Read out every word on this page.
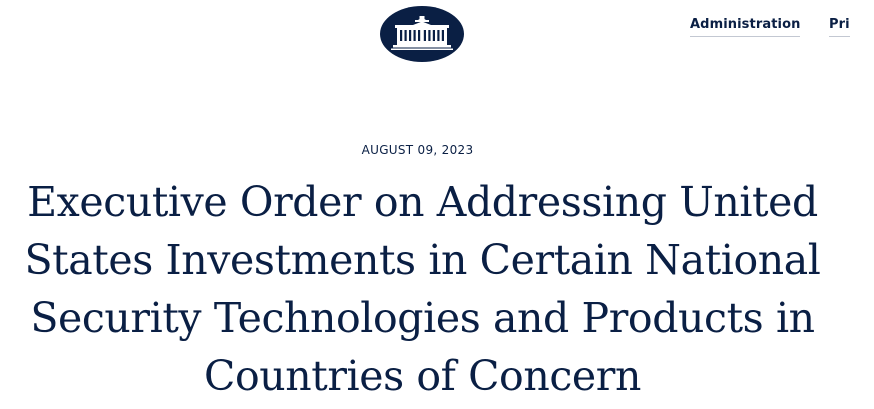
Administration Pri
AUGUST 09, 2023
Executive Order on Addressing United States Investments in Certain National Security Technologies and Products in Countries of Concern
